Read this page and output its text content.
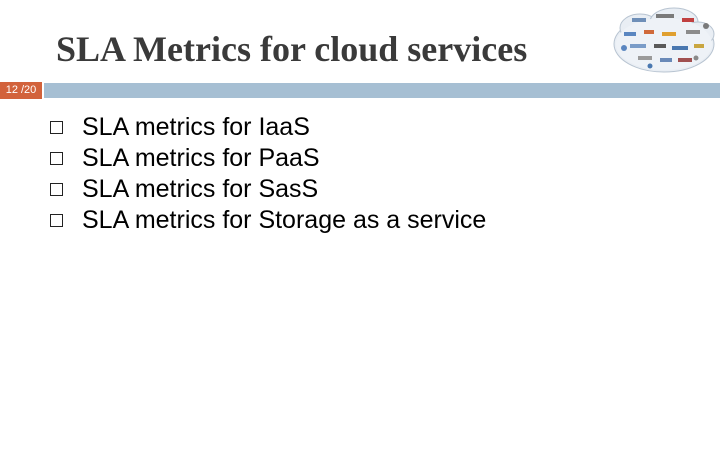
SLA Metrics for cloud services
12 /20
SLA metrics for IaaS
SLA metrics for PaaS
SLA metrics for SasS
SLA metrics for Storage as a service
